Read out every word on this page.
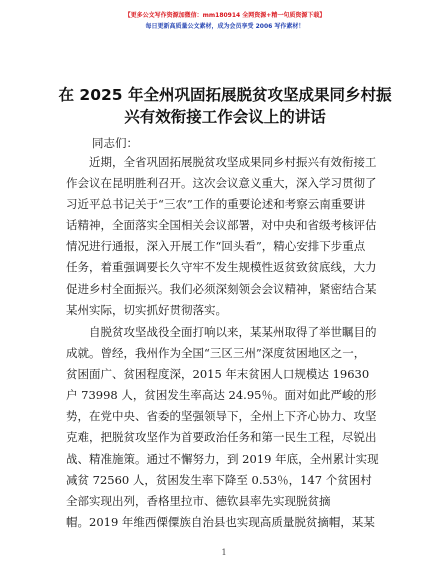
【更多公文写作资源加微信：mm180914 全网资源+精一句质资源下载】
每日更新高质量公文素材，成为会员享受 2006 写作素材！
在 2025 年全州巩固拓展脱贫攻坚成果同乡村振
兴有效衔接工作会议上的讲话
同志们：
近期，全省巩固拓展脱贫攻坚成果同乡村振兴有效衔接工
作会议在昆明胜利召开。这次会议意义重大，深入学习贯彻了
习近平总书记关于“三农”工作的重要论述和考察云南重要讲
话精神，全面落实全国相关会议部署，对中央和省级考核评估
情况进行通报，深入开展工作“回头看”，精心安排下步重点
任务，着重强调要长久守牢不发生规模性返贫致贫底线，大力
促进乡村全面振兴。我们必须深刻领会会议精神，紧密结合某
某州实际，切实抓好贯彻落实。
自脱贫攻坚战役全面打响以来，某某州取得了举世瞩目的
成就。曾经，我州作为全国“三区三州”深度贫困地区之一，
贫困面广、贫困程度深，2015 年末贫困人口规模达 19630
户 73998 人，贫困发生率高达 24.95％。面对如此严峻的形
势，在党中央、省委的坚强领导下，全州上下齐心协力、攻坚
克难，把脱贫攻坚作为首要政治任务和第一民生工程，尽锐出
战、精准施策。通过不懈努力，到 2019 年底，全州累计实现
减贫 72560 人，贫困发生率下降至 0.53％，147 个贫困村
全部实现出列，香格里拉市、德钦县率先实现脱贫摘
帽。2019 年维西傈僳族自治县也实现高质量脱贫摘帽，某某
1
